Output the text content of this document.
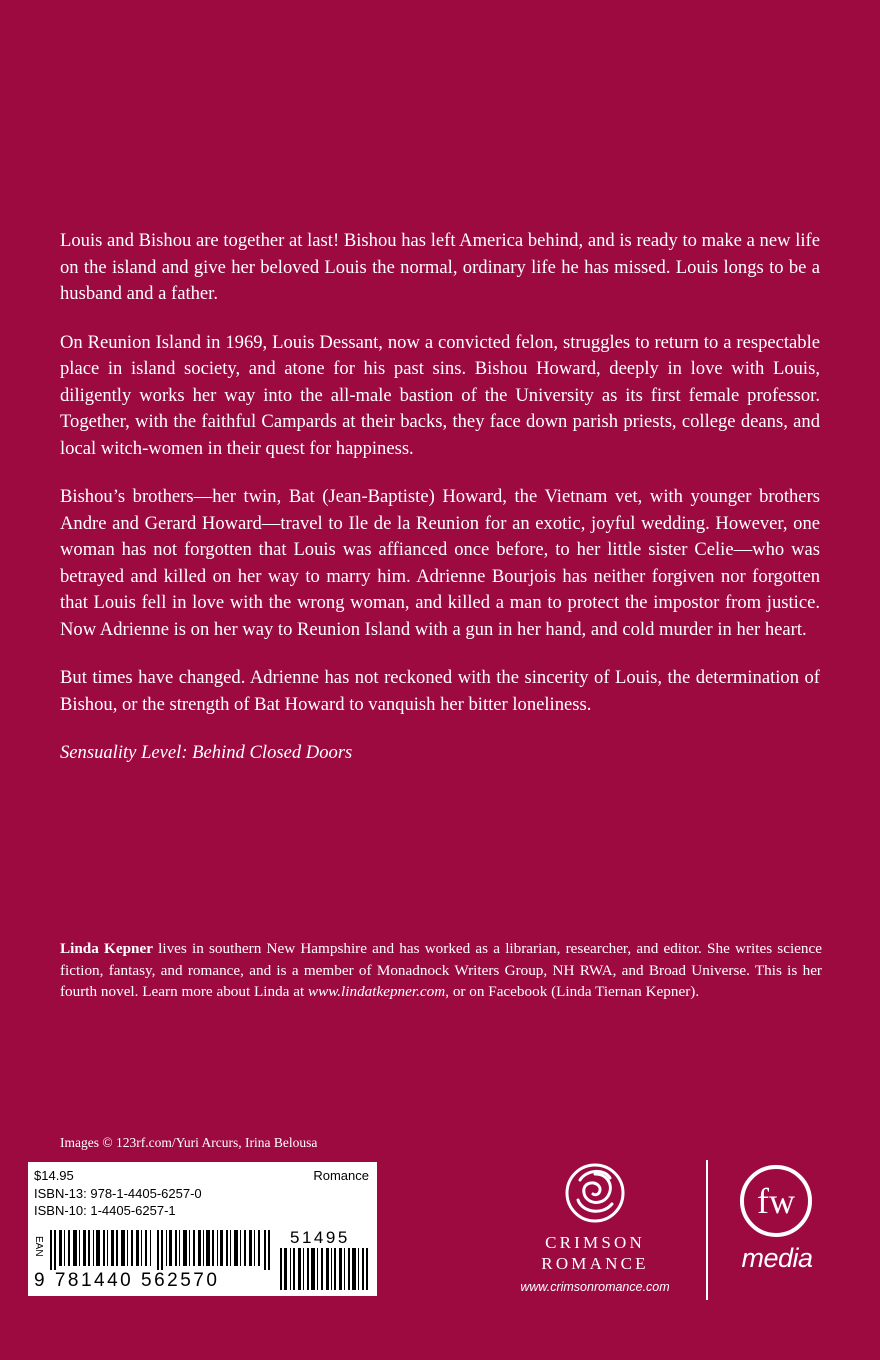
Louis and Bishou are together at last! Bishou has left America behind, and is ready to make a new life on the island and give her beloved Louis the normal, ordinary life he has missed. Louis longs to be a husband and a father.

On Reunion Island in 1969, Louis Dessant, now a convicted felon, struggles to return to a respectable place in island society, and atone for his past sins. Bishou Howard, deeply in love with Louis, diligently works her way into the all-male bastion of the University as its first female professor. Together, with the faithful Campards at their backs, they face down parish priests, college deans, and local witch-women in their quest for happiness.

Bishou’s brothers—her twin, Bat (Jean-Baptiste) Howard, the Vietnam vet, with younger brothers Andre and Gerard Howard—travel to Ile de la Reunion for an exotic, joyful wedding. However, one woman has not forgotten that Louis was affianced once before, to her little sister Celie—who was betrayed and killed on her way to marry him. Adrienne Bourjois has neither forgiven nor forgotten that Louis fell in love with the wrong woman, and killed a man to protect the impostor from justice. Now Adrienne is on her way to Reunion Island with a gun in her hand, and cold murder in her heart.

But times have changed. Adrienne has not reckoned with the sincerity of Louis, the determination of Bishou, or the strength of Bat Howard to vanquish her bitter loneliness.

Sensuality Level: Behind Closed Doors

Linda Kepner lives in southern New Hampshire and has worked as a librarian, researcher, and editor. She writes science fiction, fantasy, and romance, and is a member of Monadnock Writers Group, NH RWA, and Broad Universe. This is her fourth novel. Learn more about Linda at www.lindatkepner.com, or on Facebook (Linda Tiernan Kepner).

Images © 123rf.com/Yuri Arcurs, Irina Belousa

$14.95	Romance
ISBN-13: 978-1-4405-6257-0
ISBN-10: 1-4405-6257-1
EAN
9 781440 562570
51495	CRIMSON
ROMANCE
www.crimsonromance.com
fw
media
